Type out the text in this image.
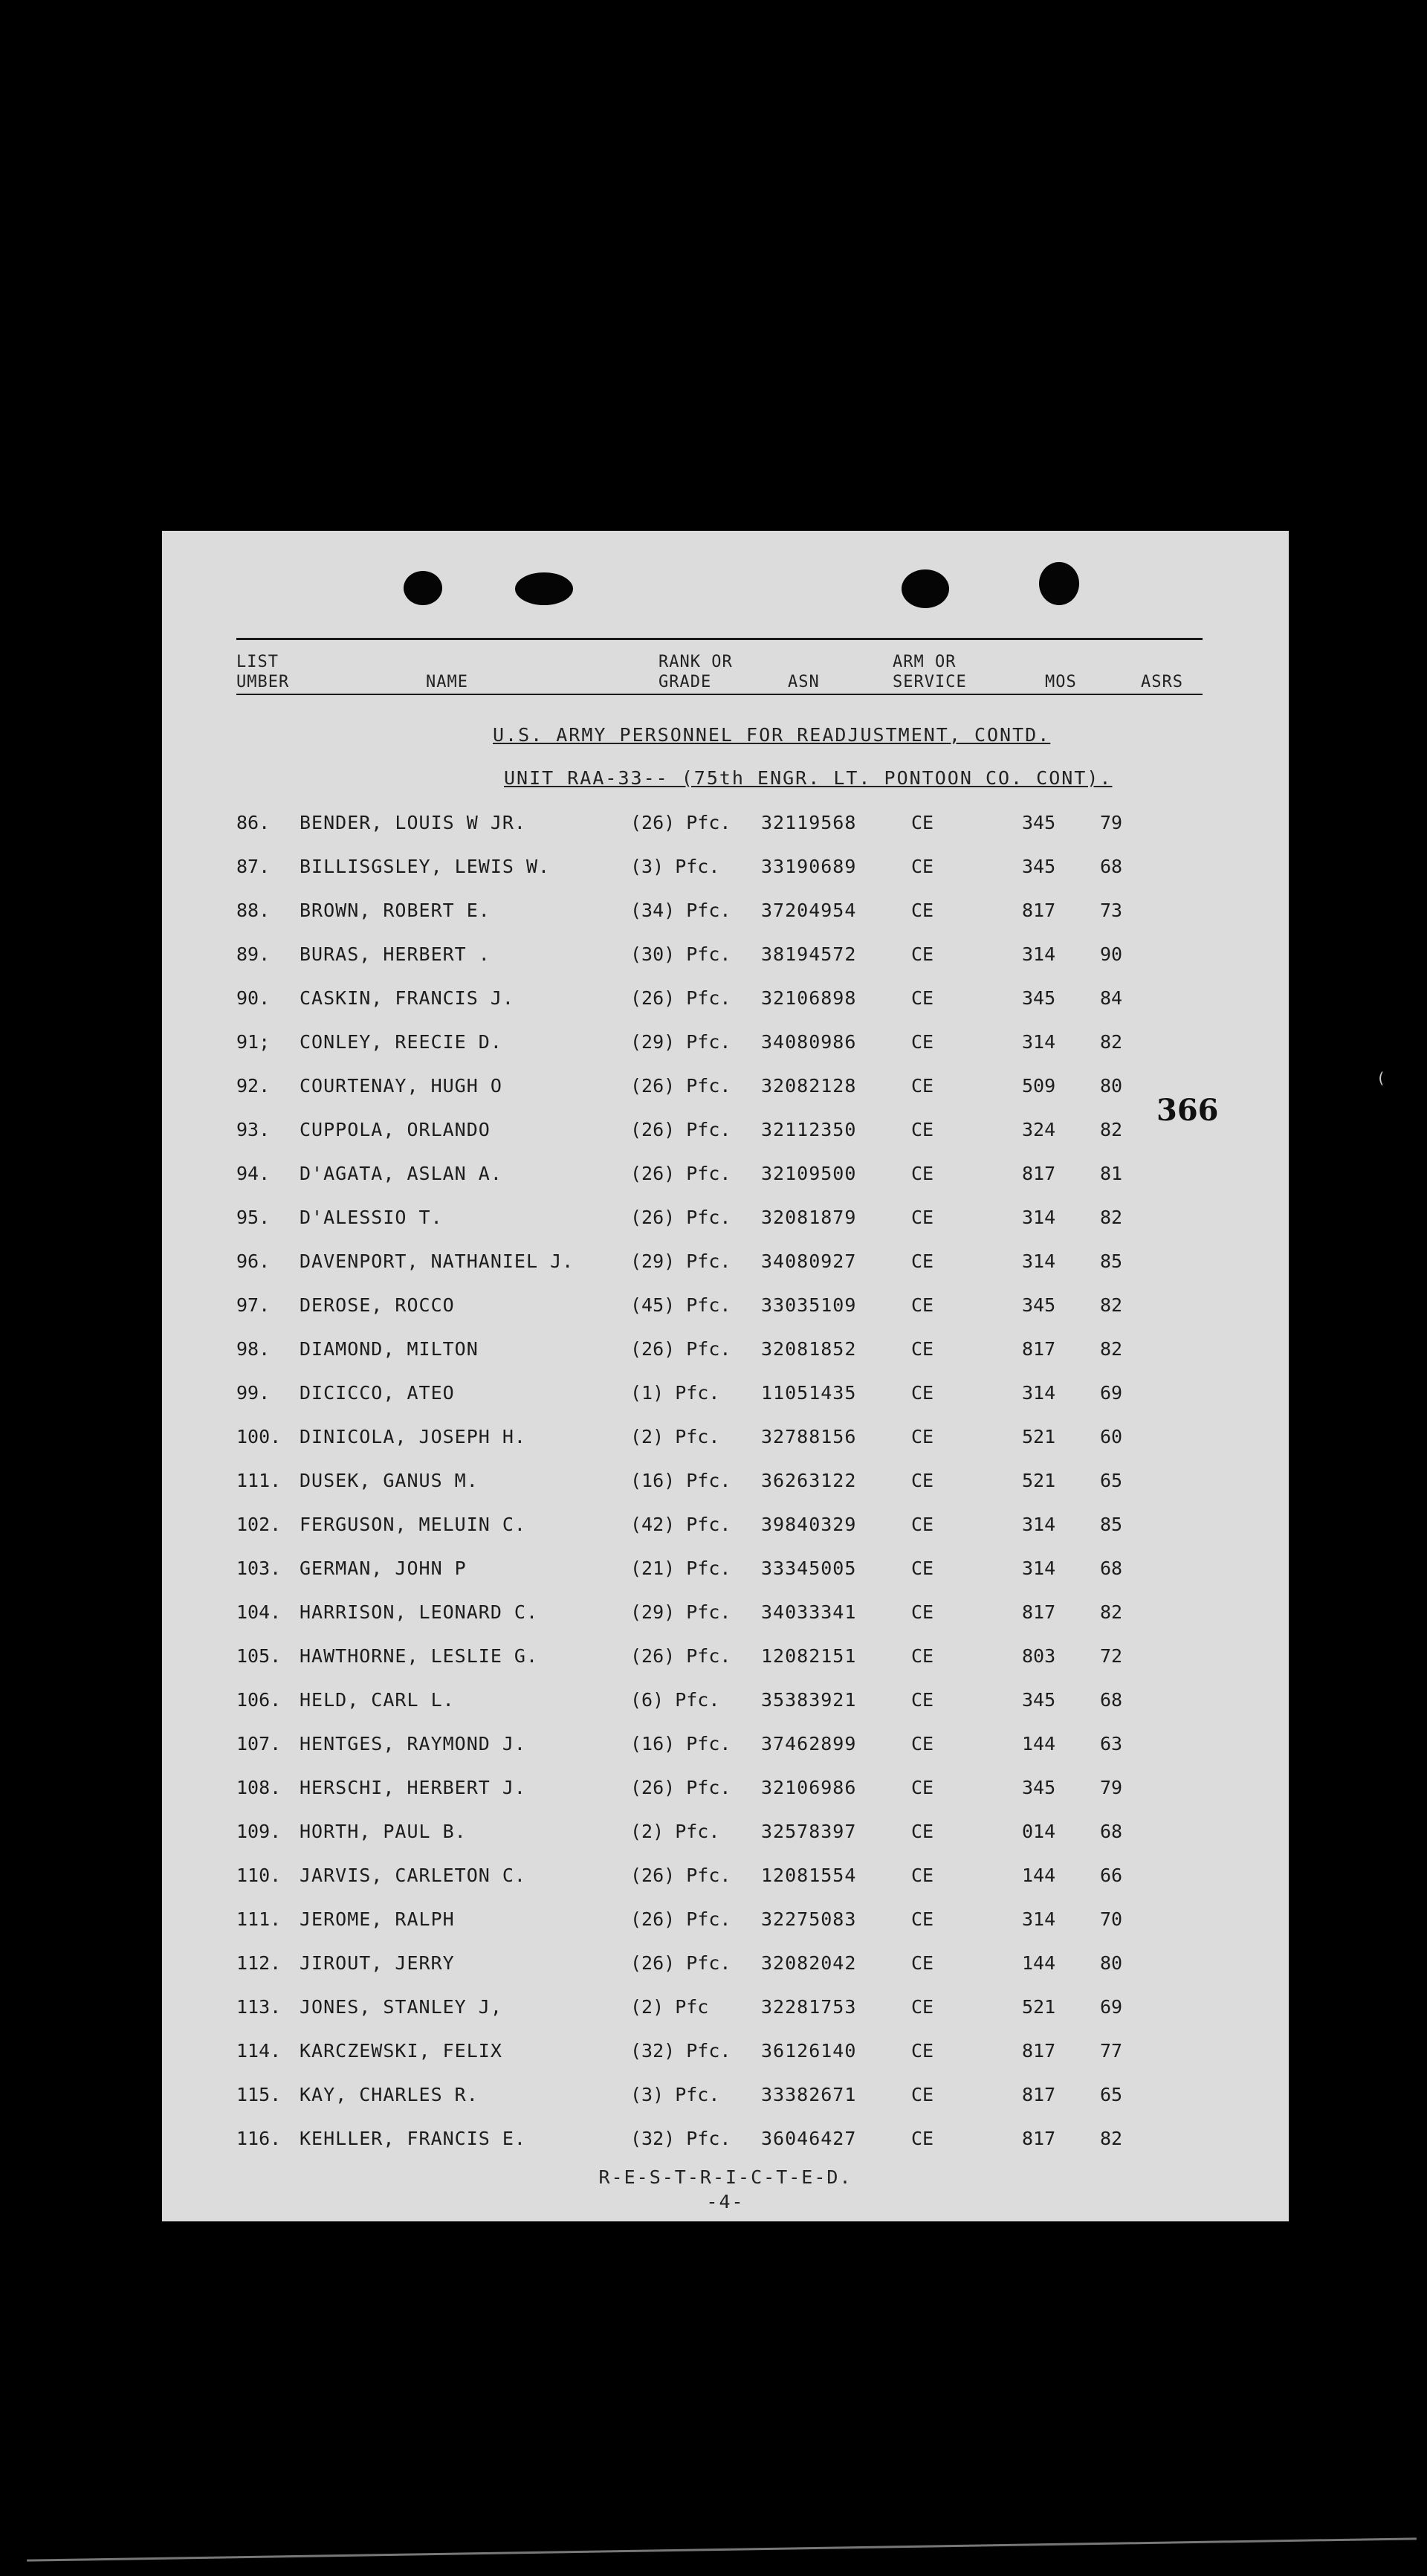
LIST
UMBER	NAME
RANK OR
GRADE	ASN
ARM OR
SERVICE	MOS	ASRS
U.S. ARMY PERSONNEL FOR READJUSTMENT, CONTD.
UNIT RAA-33-- (75th ENGR. LT. PONTOON CO. CONT).
86. BENDER, LOUIS W JR.	(26) Pfc. 32119568	CE	345 79
87. BILLISGSLEY, LEWIS W.	(3) Pfc. 33190689	CE	345 68
88. BROWN, ROBERT E.	(34) Pfc. 37204954	CE	817 73
89. BURAS, HERBERT .	(30) Pfc. 38194572	CE	314 90
90. CASKIN, FRANCIS J.	(26) Pfc. 32106898	CE	345 84
91; CONLEY, REECIE D.	(29) Pfc. 34080986	CE	314 82
92. COURTENAY, HUGH O	(26) Pfc. 32082128	CE	509 80
93. CUPPOLA, ORLANDO	(26) Pfc. 32112350	CE	324 82
94. D'AGATA, ASLAN A.	(26) Pfc. 32109500	CE	817 81
95. D'ALESSIO T.	(26) Pfc. 32081879	CE	314 82
96. DAVENPORT, NATHANIEL J.	(29) Pfc. 34080927	CE	314 85
97. DEROSE, ROCCO	(45) Pfc. 33035109	CE	345 82
98. DIAMOND, MILTON	(26) Pfc. 32081852	CE	817 82
99. DICICCO, ATEO	(1) Pfc. 11051435	CE	314 69
100. DINICOLA, JOSEPH H.	(2) Pfc. 32788156	CE	521 60
111. DUSEK, GANUS M.	(16) Pfc. 36263122	CE	521 65
102. FERGUSON, MELUIN C.	(42) Pfc. 39840329	CE	314 85
103. GERMAN, JOHN P	(21) Pfc. 33345005	CE	314 68
104. HARRISON, LEONARD C.	(29) Pfc. 34033341	CE	817 82
105. HAWTHORNE, LESLIE G.	(26) Pfc. 12082151	CE	803 72
106. HELD, CARL L.	(6) Pfc. 35383921	CE	345 68
107. HENTGES, RAYMOND J.	(16) Pfc. 37462899	CE	144 63
108. HERSCHI, HERBERT J.	(26) Pfc. 32106986	CE	345 79
109. HORTH, PAUL B.	(2) Pfc. 32578397	CE	014 68
110. JARVIS, CARLETON C.	(26) Pfc. 12081554	CE	144 66
111. JEROME, RALPH	(26) Pfc. 32275083	CE	314 70
112. JIROUT, JERRY	(26) Pfc. 32082042	CE	144 80
113. JONES, STANLEY J,	(2) Pfc	32281753	CE	521 69
114. KARCZEWSKI, FELIX	(32) Pfc. 36126140	CE	817 77
115. KAY, CHARLES R.	(3) Pfc. 33382671	CE	817 65
116. KEHLLER, FRANCIS E.	(32) Pfc. 36046427	CE	817 82
R-E-S-T-R-I-C-T-E-D.
-4-
366
(
